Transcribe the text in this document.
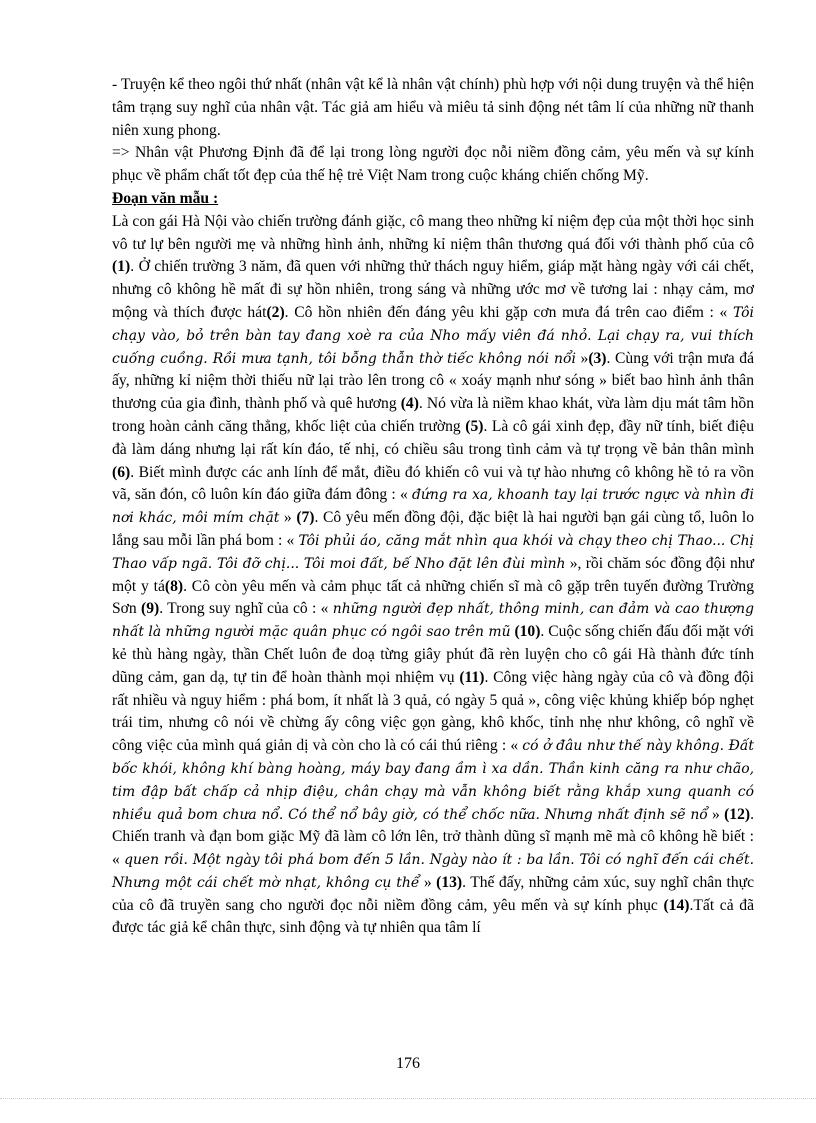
- Truyện kể theo ngôi thứ nhất (nhân vật kể là nhân vật chính) phù hợp với nội dung truyện và thể hiện tâm trạng suy nghĩ của nhân vật. Tác giả am hiểu và miêu tả sinh động nét tâm lí của những nữ thanh niên xung phong.

=> Nhân vật Phương Định đã để lại trong lòng người đọc nỗi niềm đồng cảm, yêu mến và sự kính phục về phẩm chất tốt đẹp của thế hệ trẻ Việt Nam trong cuộc kháng chiến chống Mỹ.

Đoạn văn mẫu :

Là con gái Hà Nội vào chiến trường đánh giặc, cô mang theo những kỉ niệm đẹp của một thời học sinh vô tư lự bên người mẹ và những hình ảnh, những kỉ niệm thân thương quá đối với thành phố của cô (1). Ở chiến trường 3 năm, đã quen với những thử thách nguy hiểm, giáp mặt hàng ngày với cái chết, nhưng cô không hề mất đi sự hồn nhiên, trong sáng và những ước mơ về tương lai : nhạy cảm, mơ mộng và thích được hát(2). Cô hồn nhiên đến đáng yêu khi gặp cơn mưa đá trên cao điểm : « Tôi chạy vào, bỏ trên bàn tay đang xoè ra của Nho mấy viên đá nhỏ. Lại chạy ra, vui thích cuống cuồng. Rồi mưa tạnh, tôi bỗng thẫn thờ tiếc không nói nổi »(3). Cùng với trận mưa đá ấy, những kỉ niệm thời thiếu nữ lại trào lên trong cô « xoáy mạnh như sóng » biết bao hình ảnh thân thương của gia đình, thành phố và quê hương (4). Nó vừa là niềm khao khát, vừa làm dịu mát tâm hồn trong hoàn cảnh căng thẳng, khốc liệt của chiến trường (5). Là cô gái xinh đẹp, đầy nữ tính, biết điệu đà làm dáng nhưng lại rất kín đáo, tế nhị, có chiều sâu trong tình cảm và tự trọng về bản thân mình (6). Biết mình được các anh lính để mắt, điều đó khiến cô vui và tự hào nhưng cô không hề tỏ ra vồn vã, săn đón, cô luôn kín đáo giữa đám đông : « đứng ra xa, khoanh tay lại trước ngực và nhìn đi nơi khác, môi mím chặt » (7). Cô yêu mến đồng đội, đặc biệt là hai người bạn gái cùng tổ, luôn lo lắng sau mỗi lần phá bom : « Tôi phủi áo, căng mắt nhìn qua khói và chạy theo chị Thao... Chị Thao vấp ngã. Tôi đỡ chị... Tôi moi đất, bế Nho đặt lên đùi mình », rồi chăm sóc đồng đội như một y tá(8). Cô còn yêu mến và cảm phục tất cả những chiến sĩ mà cô gặp trên tuyến đường Trường Sơn (9). Trong suy nghĩ của cô : « những người đẹp nhất, thông minh, can đảm và cao thượng nhất là những người mặc quân phục có ngôi sao trên mũ (10). Cuộc sống chiến đấu đối mặt với kẻ thù hàng ngày, thần Chết luôn đe doạ từng giây phút đã rèn luyện cho cô gái Hà thành đức tính dũng cảm, gan dạ, tự tin để hoàn thành mọi nhiệm vụ (11). Công việc hàng ngày của cô và đồng đội rất nhiều và nguy hiểm : phá bom, ít nhất là 3 quả, có ngày 5 quả », công việc khủng khiếp bóp nghẹt trái tim, nhưng cô nói về chừng ấy công việc gọn gàng, khô khốc, tỉnh nhẹ như không, cô nghĩ về công việc của mình quá giản dị và còn cho là có cái thú riêng : « có ở đâu như thế này không. Đất bốc khói, không khí bàng hoàng, máy bay đang ầm ì xa dần. Thần kinh căng ra như chão, tim đập bất chấp cả nhịp điệu, chân chạy mà vẫn không biết rằng khắp xung quanh có nhiều quả bom chưa nổ. Có thể nổ bây giờ, có thể chốc nữa. Nhưng nhất định sẽ nổ » (12). Chiến tranh và đạn bom giặc Mỹ đã làm cô lớn lên, trở thành dũng sĩ mạnh mẽ mà cô không hề biết : « quen rồi. Một ngày tôi phá bom đến 5 lần. Ngày nào ít : ba lần. Tôi có nghĩ đến cái chết. Nhưng một cái chết mờ nhạt, không cụ thể » (13). Thế đấy, những cảm xúc, suy nghĩ chân thực của cô đã truyền sang cho người đọc nỗi niềm đồng cảm, yêu mến và sự kính phục (14).Tất cả đã được tác giả kể chân thực, sinh động và tự nhiên qua tâm lí

176
